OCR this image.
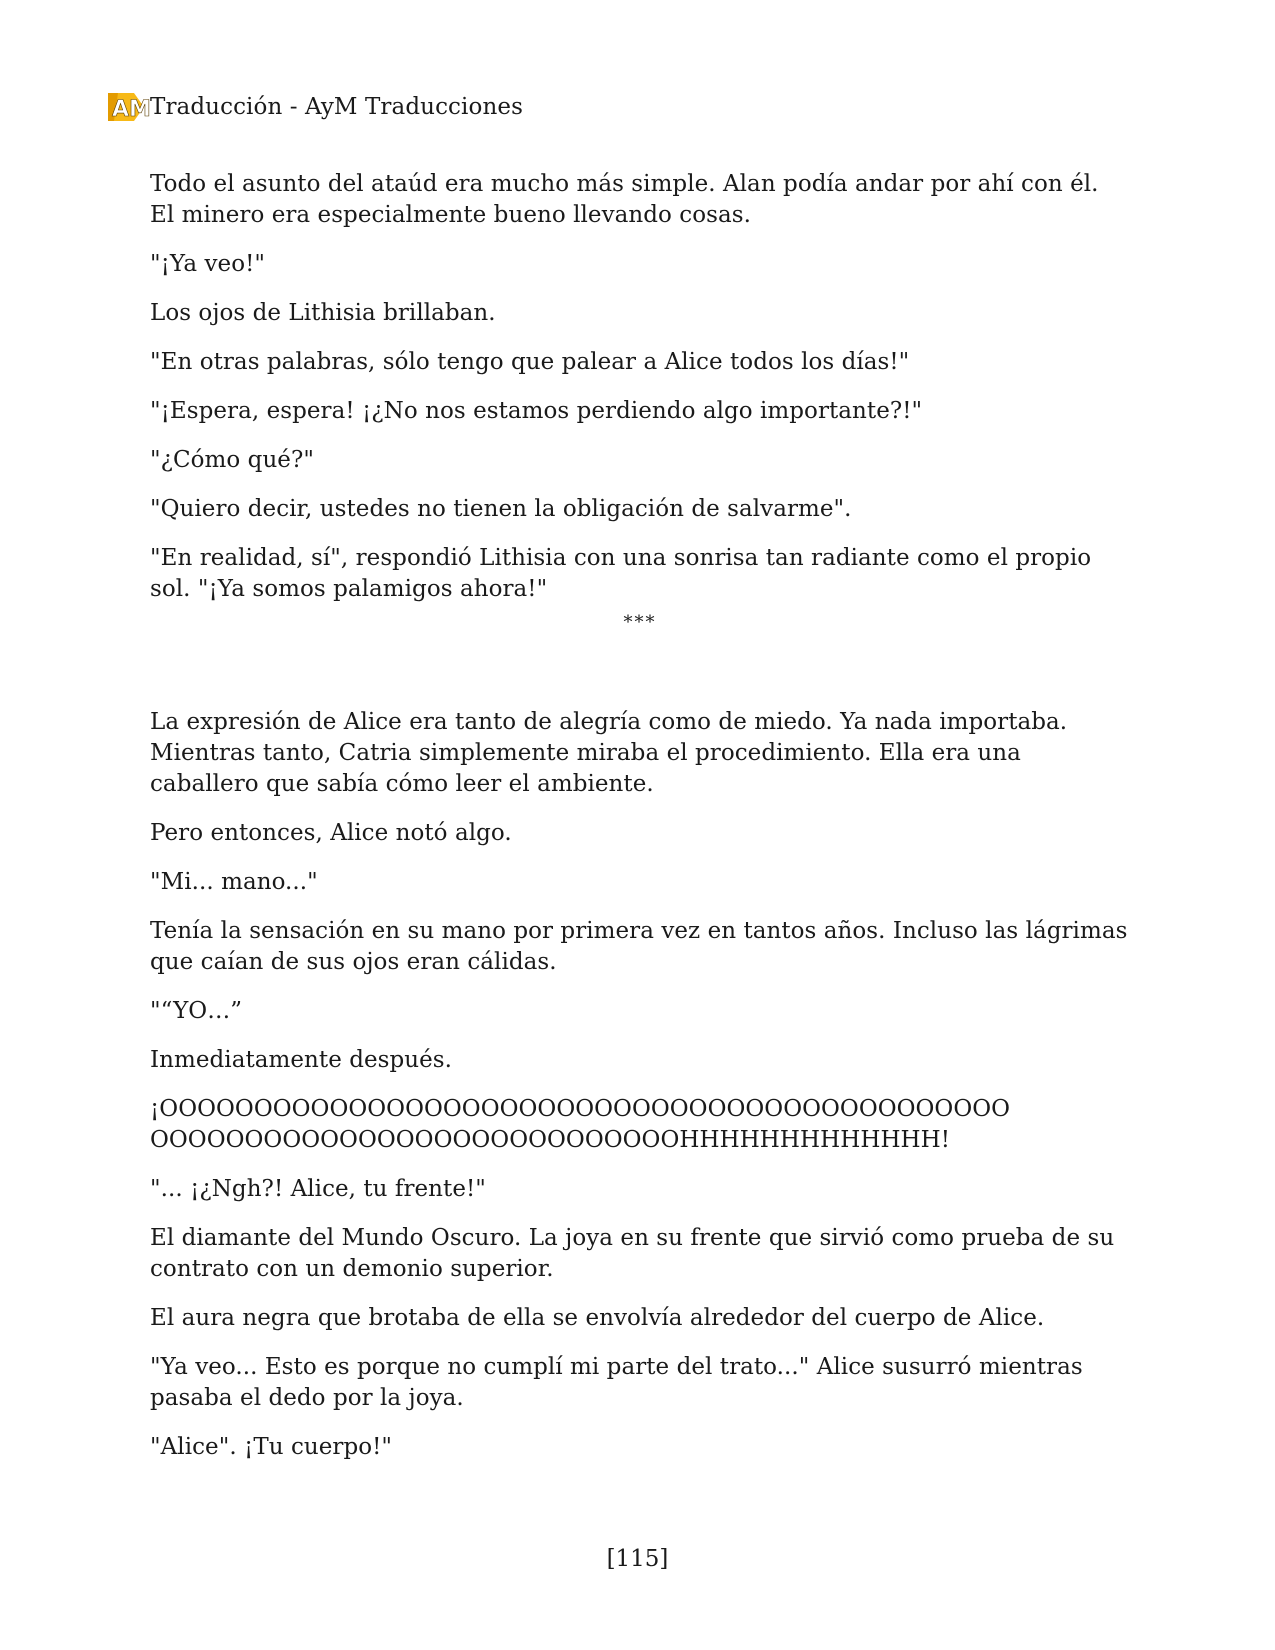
AM Traducción - AyM Traducciones

Todo el asunto del ataúd era mucho más simple. Alan podía andar por ahí con él. El minero era especialmente bueno llevando cosas.

"¡Ya veo!"

Los ojos de Lithisia brillaban.

"En otras palabras, sólo tengo que palear a Alice todos los días!"

"¡Espera, espera! ¡¿No nos estamos perdiendo algo importante?!"

"¿Cómo qué?"

"Quiero decir, ustedes no tienen la obligación de salvarme".

"En realidad, sí", respondió Lithisia con una sonrisa tan radiante como el propio sol. "¡Ya somos palamigos ahora!"

***

La expresión de Alice era tanto de alegría como de miedo. Ya nada importaba. Mientras tanto, Catria simplemente miraba el procedimiento. Ella era una caballero que sabía cómo leer el ambiente.

Pero entonces, Alice notó algo.

"Mi... mano..."

Tenía la sensación en su mano por primera vez en tantos años. Incluso las lágrimas que caían de sus ojos eran cálidas.

"“YO…”

Inmediatamente después.

¡OOOOOOOOOOOOOOOOOOOOOOOOOOOOOOOOOOOOOOOOOOOOO OOOOOOOOOOOOOOOOOOOOOOOOOOOOHHHHHHHHHHHHH!

"... ¡¿Ngh?! Alice, tu frente!"

El diamante del Mundo Oscuro. La joya en su frente que sirvió como prueba de su contrato con un demonio superior.

El aura negra que brotaba de ella se envolvía alrededor del cuerpo de Alice.

"Ya veo... Esto es porque no cumplí mi parte del trato..." Alice susurró mientras pasaba el dedo por la joya.

"Alice". ¡Tu cuerpo!"

[115]
